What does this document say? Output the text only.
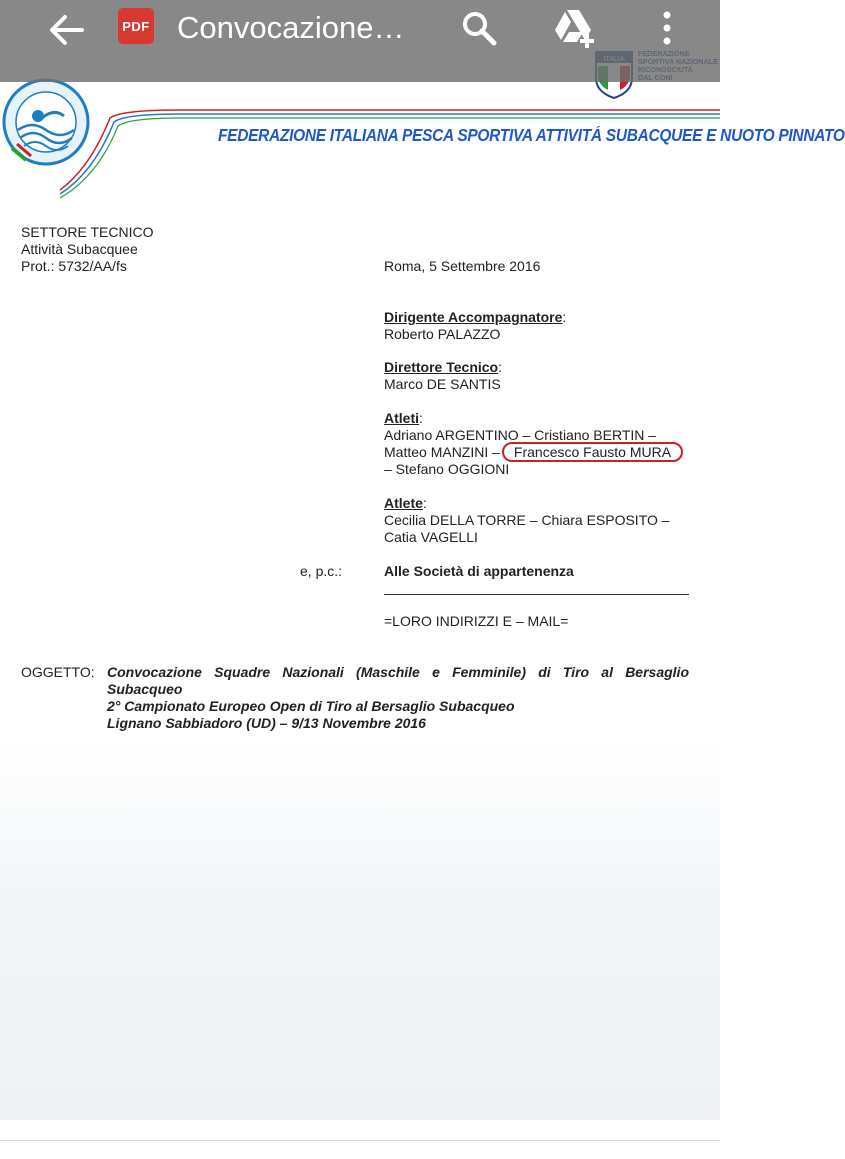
FEDERAZIONE ITALIANA PESCA SPORTIVA ATTIVITÁ SUBACQUEE E NUOTO PINNATO
SETTORE TECNICO
Attività Subacquee
Prot.: 5732/AA/fs	Roma, 5 Settembre 2016
Dirigente Accompagnatore:
Roberto PALAZZO
Direttore Tecnico:
Marco DE SANTIS
Atleti:
Adriano ARGENTINO – Cristiano BERTIN –
Matteo MANZINI – Francesco Fausto MURA
– Stefano OGGIONI
Atlete:
Cecilia DELLA TORRE – Chiara ESPOSITO –
Catia VAGELLI
e, p.c.:	Alle Società di appartenenza
=LORO INDIRIZZI E – MAIL=
OGGETTO: Convocazione Squadre Nazionali (Maschile e Femminile) di Tiro al Bersaglio
Subacqueo
2° Campionato Europeo Open di Tiro al Bersaglio Subacqueo
Lignano Sabbiadoro (UD) – 9/13 Novembre 2016
PDF Convocazione…
